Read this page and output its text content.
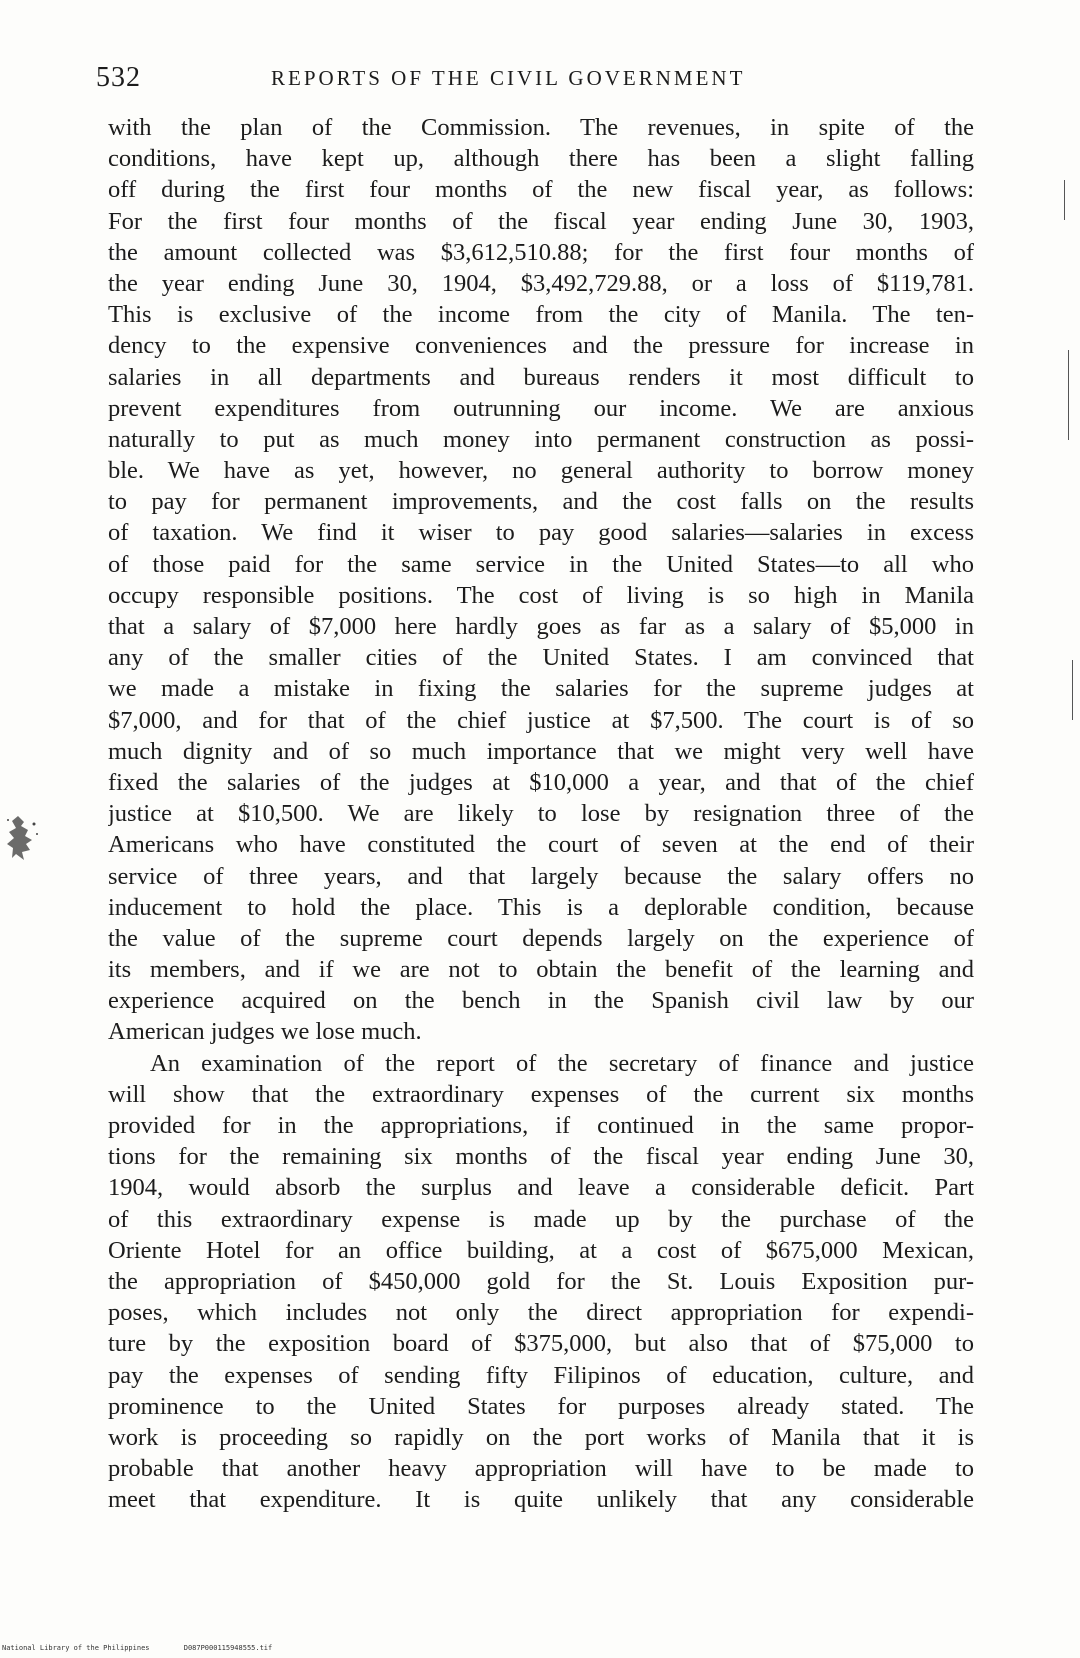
532	REPORTS OF THE CIVIL GOVERNMENT
with the plan of the Commission. The revenues, in spite of the
conditions, have kept up, although there has been a slight falling
off during the first four months of the new fiscal year, as follows:
For the first four months of the fiscal year ending June 30, 1903,
the amount collected was $3,612,510.88; for the first four months of
the year ending June 30, 1904, $3,492,729.88, or a loss of $119,781.
This is exclusive of the income from the city of Manila. The ten-
dency to the expensive conveniences and the pressure for increase in
salaries in all departments and bureaus renders it most difficult to
prevent expenditures from outrunning our income. We are anxious
naturally to put as much money into permanent construction as possi-
ble. We have as yet, however, no general authority to borrow money
to pay for permanent improvements, and the cost falls on the results
of taxation. We find it wiser to pay good salaries—salaries in excess
of those paid for the same service in the United States—to all who
occupy responsible positions. The cost of living is so high in Manila
that a salary of $7,000 here hardly goes as far as a salary of $5,000 in
any of the smaller cities of the United States. I am convinced that
we made a mistake in fixing the salaries for the supreme judges at
$7,000, and for that of the chief justice at $7,500. The court is of so
much dignity and of so much importance that we might very well have
fixed the salaries of the judges at $10,000 a year, and that of the chief
justice at $10,500. We are likely to lose by resignation three of the
Americans who have constituted the court of seven at the end of their
service of three years, and that largely because the salary offers no
inducement to hold the place. This is a deplorable condition, because
the value of the supreme court depends largely on the experience of
its members, and if we are not to obtain the benefit of the learning and
experience acquired on the bench in the Spanish civil law by our
American judges we lose much.
An examination of the report of the secretary of finance and justice
will show that the extraordinary expenses of the current six months
provided for in the appropriations, if continued in the same propor-
tions for the remaining six months of the fiscal year ending June 30,
1904, would absorb the surplus and leave a considerable deficit. Part
of this extraordinary expense is made up by the purchase of the
Oriente Hotel for an office building, at a cost of $675,000 Mexican,
the appropriation of $450,000 gold for the St. Louis Exposition pur-
poses, which includes not only the direct appropriation for expendi-
ture by the exposition board of $375,000, but also that of $75,000 to
pay the expenses of sending fifty Filipinos of education, culture, and
prominence to the United States for purposes already stated. The
work is proceeding so rapidly on the port works of Manila that it is
probable that another heavy appropriation will have to be made to
meet that expenditure. It is quite unlikely that any considerable
National Library of the Philippines	D087P000115948555.tif
